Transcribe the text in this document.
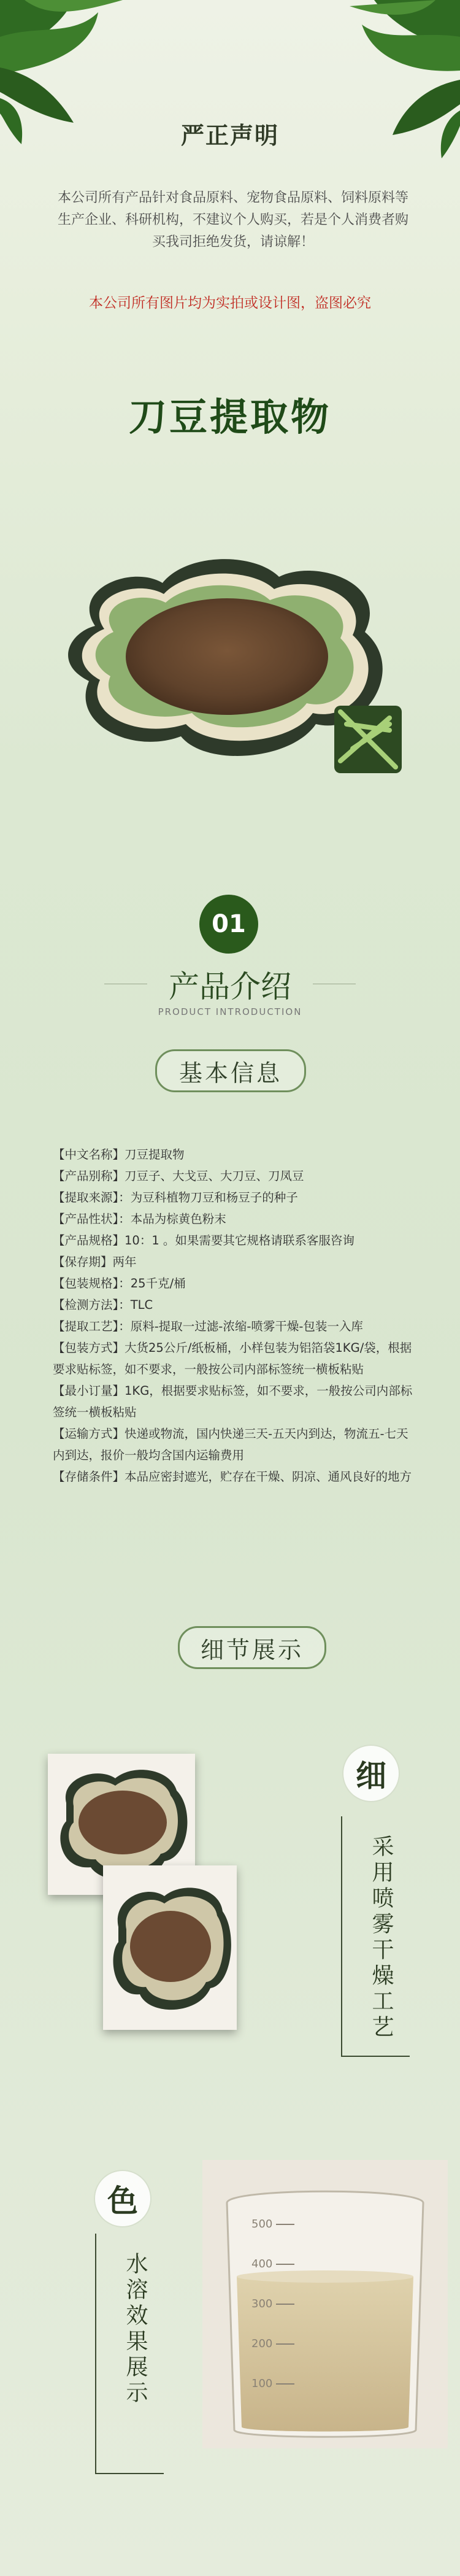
严正声明
本公司所有产品针对食品原料、宠物食品原料、饲料原料等生产企业、科研机构，不建议个人购买，若是个人消费者购买我司拒绝发货，请谅解！
本公司所有图片均为实拍或设计图，盗图必究
刀豆提取物
01
产品介绍
PRODUCT INTRODUCTION
基本信息

【中文名称】刀豆提取物

【产品别称】刀豆子、大戈豆、大刀豆、刀凤豆

【提取来源】：为豆科植物刀豆和杨豆子的种子

【产品性状】：本品为棕黄色粉末

【产品规格】10：1 。如果需要其它规格请联系客服咨询

【保存期】两年

【包装规格】：25千克/桶

【检测方法】：TLC

【提取工艺】：原料-提取一过滤-浓缩-喷雾干燥-包装一入库

【包装方式】大货25公斤/纸板桶，小样包装为铝箔袋1KG/袋，根据要求贴标签，如不要求，一般按公司内部标签统一横板粘贴

【最小订量】1KG，根据要求贴标签，如不要求，一般按公司内部标签统一横板粘贴

【运输方式】快递或物流，国内快递三天-五天内到达，物流五-七天内到达，报价一般均含国内运输费用

【存储条件】本品应密封遮光，贮存在干燥、阴凉、通风良好的地方

细节展示
细
采用喷雾干燥工艺
色
水溶效果展示
500
400
300
200
100
